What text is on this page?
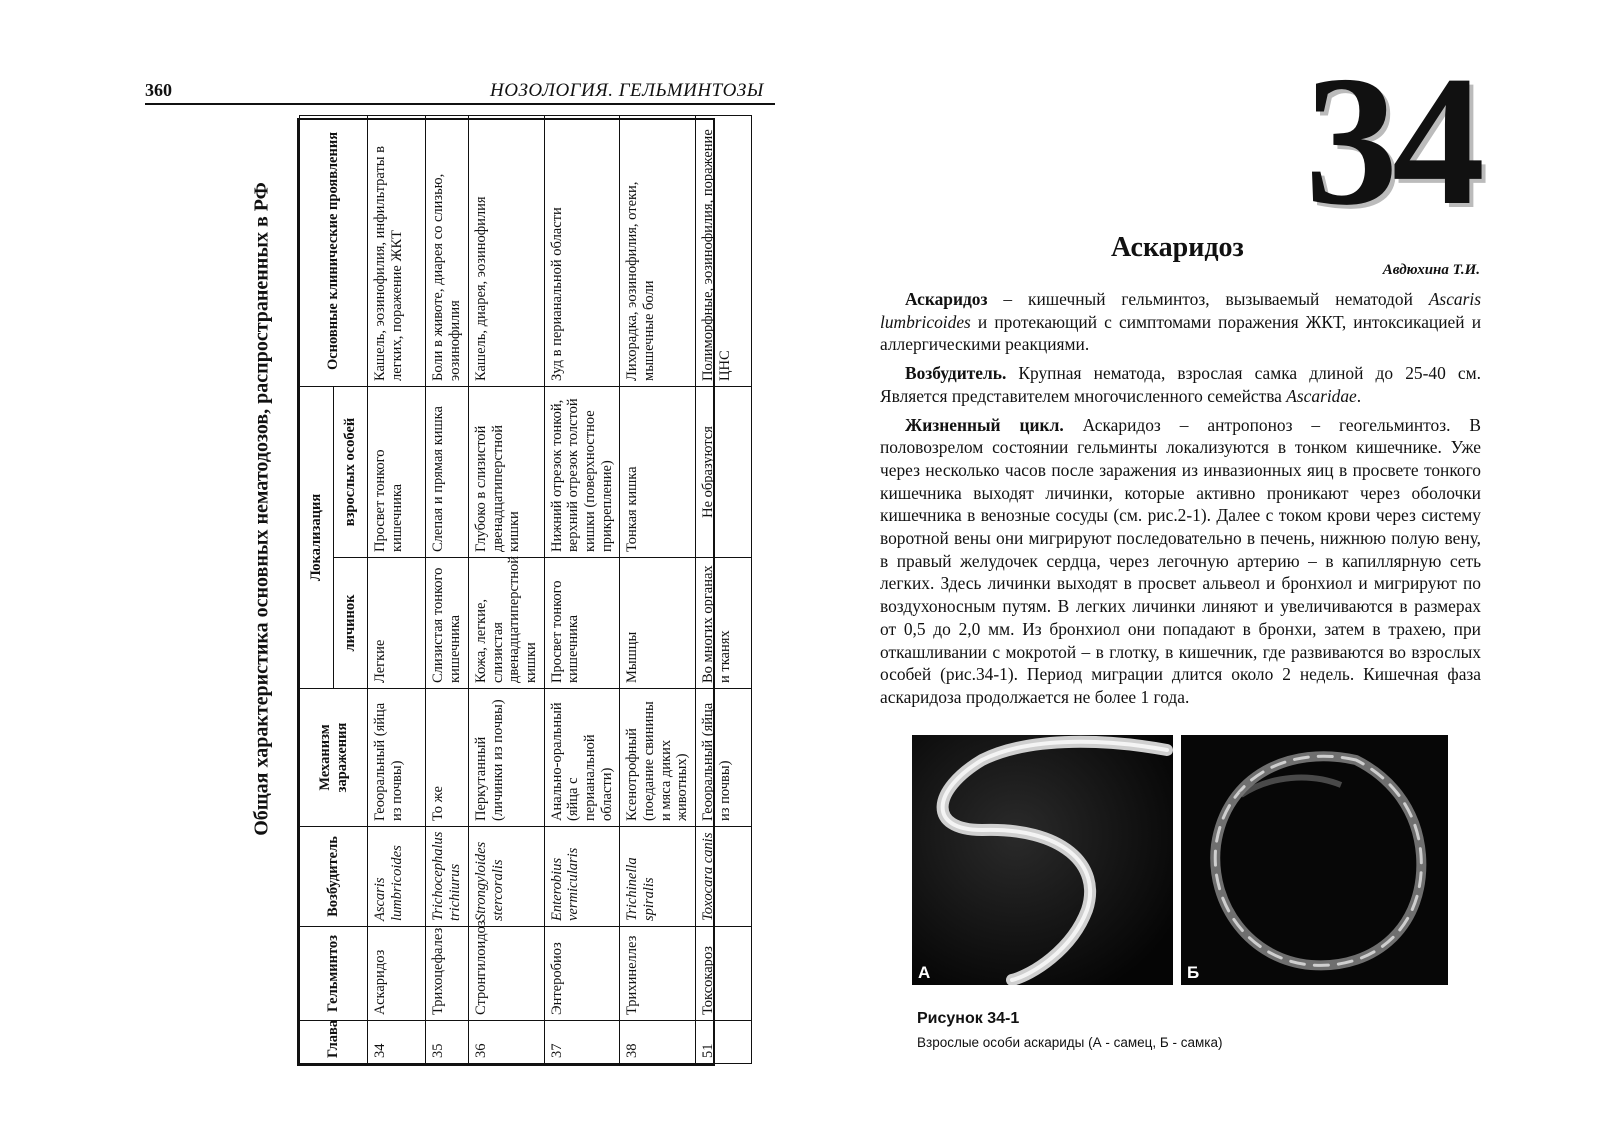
360	НОЗОЛОГИЯ. ГЕЛЬМИНТОЗЫ
Общая характеристика основных нематодозов, распространенных в РФ
Глава	Гельминтоз	Возбудитель	Механизм заражения	Локализация		Основные клинические проявления
				личинок	взрослых особей	
34	Аскаридоз	Ascaris lumbricoides	Геооральный (яйца из почвы)	Легкие	Просвет тонкого кишечника	Кашель, эозинофилия, инфильтраты в легких, поражение ЖКТ
35	Трихоцефалез	Trichocephalus trichiurus	То же	Слизистая тонкого кишечника	Слепая и прямая кишка	Боли в животе, диарея со слизью, эозинофилия
36	Стронгилоидоз	Strongyloides stercoralis	Перкутанный (личинки из почвы)	Кожа, легкие, слизистая двенадцатиперстной кишки	Глубоко в слизистой двенадцатиперстной кишки	Кашель, диарея, эозинофилия
37	Энтеробиоз	Enterobius vermicularis	Анально-оральный (яйца с перианальной области)	Просвет тонкого кишечника	Нижний отрезок тонкой, верхний отрезок толстой кишки (поверхностное прикрепление)	Зуд в перианальной области
38	Трихинеллез	Trichinella spiralis	Ксенотрофный (поедание свинины и мяса диких животных)	Мышцы	Тонкая кишка	Лихорадка, эозинофилия, отеки, мышечные боли
51	Токсокароз	Toxocara canis	Геооральный (яйца из почвы)	Во многих органах и тканях	Не образуются	Полиморфные, эозинофилия, поражение ЦНС
34
Аскаридоз
Авдюхина Т.И.

Аскаридоз – кишечный гельминтоз, вызываемый нематодой Ascaris lumbricoides и протекающий с симптомами поражения ЖКТ, интоксикацией и аллергическими реакциями.

Возбудитель. Крупная нематода, взрослая самка длиной до 25-40 см. Является представителем многочисленного семейства Ascaridae.

Жизненный цикл. Аскаридоз – антропоноз – геогельминтоз. В половозрелом состоянии гельминты локализуются в тонком кишечнике. Уже через несколько часов после заражения из инвазионных яиц в просвете тонкого кишечника выходят личинки, которые активно проникают через оболочки кишечника в венозные сосуды (см. рис.2-1). Далее с током крови через систему воротной вены они мигрируют последовательно в печень, нижнюю полую вену, в правый желудочек сердца, через легочную артерию – в капиллярную сеть легких. Здесь личинки выходят в просвет альвеол и бронхиол и мигрируют по воздухоносным путям. В легких личинки линяют и увеличиваются в размерах от 0,5 до 2,0 мм. Из бронхиол они попадают в бронхи, затем в трахею, при откашливании с мокротой – в глотку, в кишечник, где развиваются во взрослых особей (рис.34-1). Период миграции длится около 2 недель. Кишечная фаза аскаридоза продолжается не более 1 года.

А	Б
Рисунок 34-1
Взрослые особи аскариды (А - самец, Б - самка)
